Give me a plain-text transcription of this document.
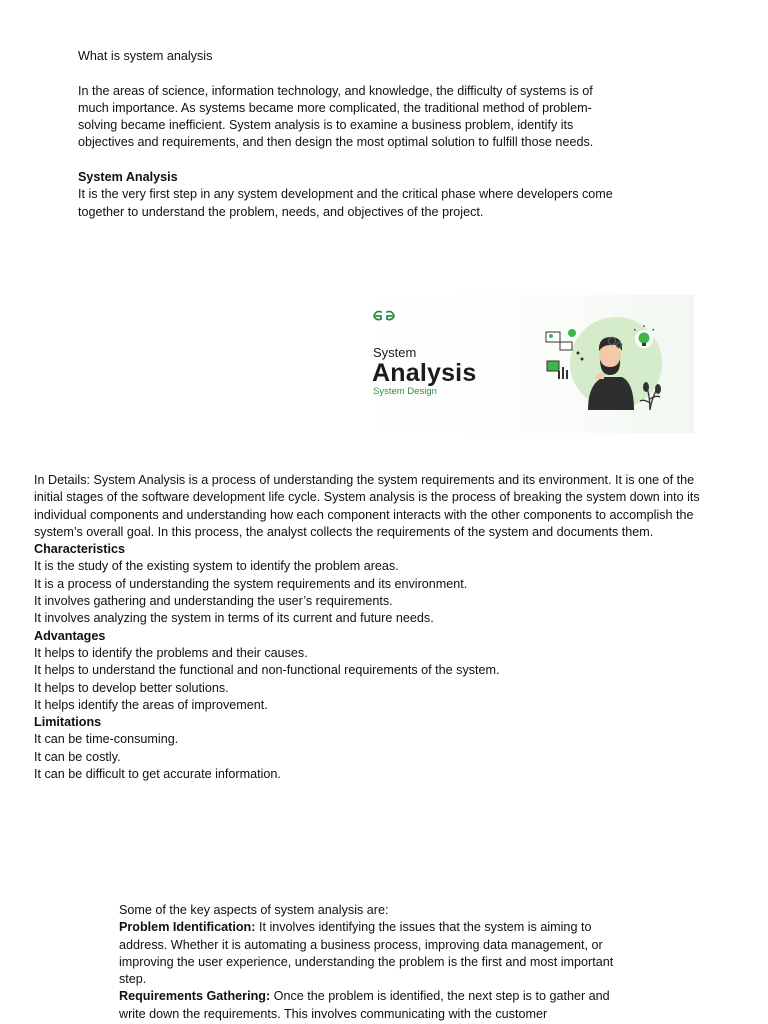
What is system analysis

In the areas of science, information technology, and knowledge, the difficulty of systems is of much importance. As systems became more complicated, the traditional method of problem-solving became inefficient. System analysis is to examine a business problem, identify its objectives and requirements, and then design the most optimal solution to fulfill those needs.

System Analysis

It is the very first step in any system development and the critical phase where developers come together to understand the problem, needs, and objectives of the project.

System
Analysis
System Design

In Details: System Analysis is a process of understanding the system requirements and its environment. It is one of the initial stages of the software development life cycle. System analysis is the process of breaking the system down into its individual components and understanding how each component interacts with the other components to accomplish the system’s overall goal. In this process, the analyst collects the requirements of the system and documents them.

Characteristics

It is the study of the existing system to identify the problem areas.

It is a process of understanding the system requirements and its environment.

It involves gathering and understanding the user’s requirements.

It involves analyzing the system in terms of its current and future needs.

Advantages

It helps to identify the problems and their causes.

It helps to understand the functional and non-functional requirements of the system.

It helps to develop better solutions.

It helps identify the areas of improvement.

Limitations

It can be time-consuming.

It can be costly.

It can be difficult to get accurate information.

Some of the key aspects of system analysis are:

Problem Identification: It involves identifying the issues that the system is aiming to address. Whether it is automating a business process, improving data management, or improving the user experience, understanding the problem is the first and most important step.

Requirements Gathering: Once the problem is identified, the next step is to gather and write down the requirements. This involves communicating with the customer
